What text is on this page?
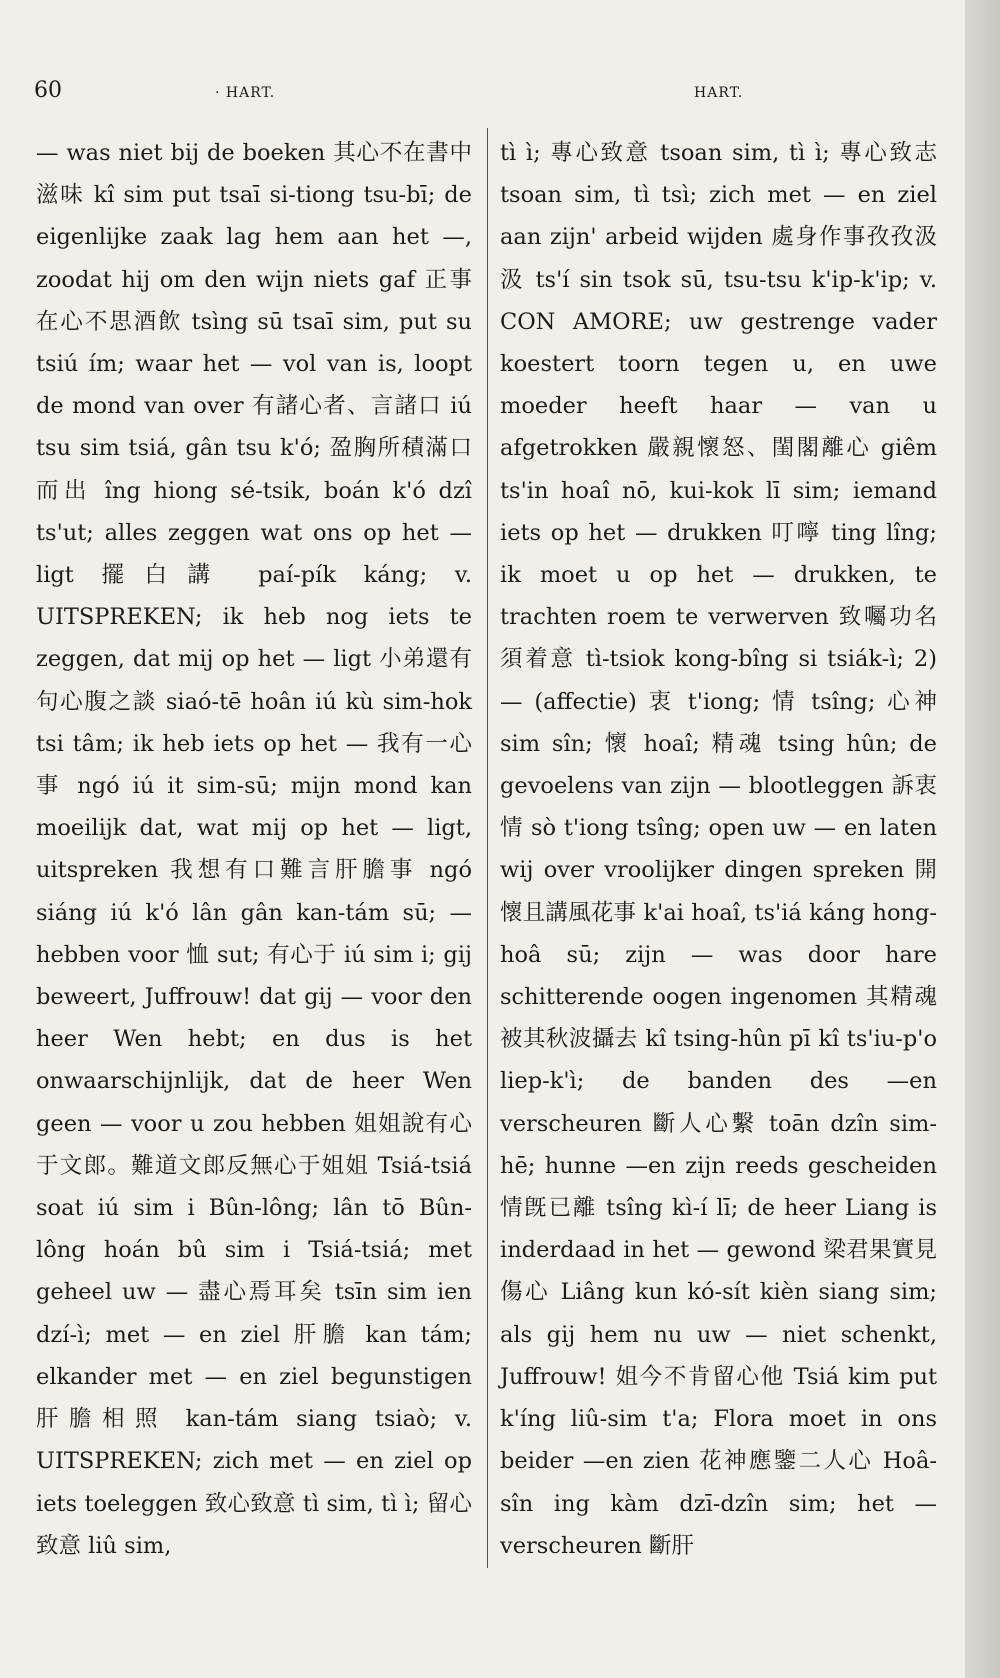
60	· HART.	HART.

— was niet bij de boeken 其心不在書中滋味 kî sim put tsaī si-tiong tsu-bī; de eigenlijke zaak lag hem aan het —, zoodat hij om den wijn niets gaf 正事在心不思酒飲 tsìng sū tsaī sim, put su tsiú ím; waar het — vol van is, loopt de mond van over 有諸心者、言諸口 iú tsu sim tsiá, gân tsu k'ó; 盈胸所積滿口而出 îng hiong sé-tsik, boán k'ó dzî ts'ut; alles zeggen wat ons op het — ligt 擺白講 paí-pík káng; v. UITSPREKEN; ik heb nog iets te zeggen, dat mij op het — ligt 小弟還有句心腹之談 siaó-tē hoân iú kù sim-hok tsi tâm; ik heb iets op het — 我有一心事 ngó iú it sim-sū; mijn mond kan moeilijk dat, wat mij op het — ligt, uitspreken 我想有口難言肝膽事 ngó siáng iú k'ó lân gân kan-tám sū; — hebben voor 恤 sut; 有心于 iú sim i; gij beweert, Juffrouw! dat gij — voor den heer Wen hebt; en dus is het onwaarschijnlijk, dat de heer Wen geen — voor u zou hebben 姐姐說有心于文郎。難道文郎反無心于姐姐 Tsiá-tsiá soat iú sim i Bûn-lông; lân tō Bûn-lông hoán bû sim i Tsiá-tsiá; met geheel uw — 盡心焉耳矣 tsīn sim ien dzí-ì; met — en ziel 肝膽 kan tám; elkander met — en ziel begunstigen 肝膽相照 kan-tám siang tsiaò; v. UITSPREKEN; zich met — en ziel op iets toeleggen 致心致意 tì sim, tì ì; 留心致意 liû sim,

tì ì; 專心致意 tsoan sim, tì ì; 專心致志 tsoan sim, tì tsì; zich met — en ziel aan zijn' arbeid wijden 處身作事孜孜汲汲 ts'í sin tsok sū, tsu-tsu k'ip-k'ip; v. CON AMORE; uw gestrenge vader koestert toorn tegen u, en uwe moeder heeft haar — van u afgetrokken 嚴親懷怒、閨閣離心 giêm ts'in hoaî nō, kui-kok lī sim; iemand iets op het — drukken 叮嚀 ting lîng; ik moet u op het — drukken, te trachten roem te verwerven 致囑功名須着意 tì-tsiok kong-bîng si tsiák-ì; 2) — (affectie) 衷 t'iong; 情 tsîng; 心神 sim sîn; 懷 hoaî; 精魂 tsing hûn; de gevoelens van zijn — blootleggen 訴衷情 sò t'iong tsîng; open uw — en laten wij over vroolijker dingen spreken 開懷且講風花事 k'ai hoaî, ts'iá káng hong-hoâ sū; zijn — was door hare schitterende oogen ingenomen 其精魂被其秋波攝去 kî tsing-hûn pī kî ts'iu-p'o liep-k'ì; de banden des —en verscheuren 斷人心繫 toān dzîn sim-hē; hunne —en zijn reeds gescheiden 情旣已離 tsîng kì-í lī; de heer Liang is inderdaad in het — gewond 梁君果實見傷心 Liâng kun kó-sít kièn siang sim; als gij hem nu uw — niet schenkt, Juffrouw! 姐今不肯留心他 Tsiá kim put k'íng liû-sim t'a; Flora moet in ons beider —en zien 花神應鑒二人心 Hoâ-sîn ing kàm dzī-dzîn sim; het — verscheuren 斷肝
